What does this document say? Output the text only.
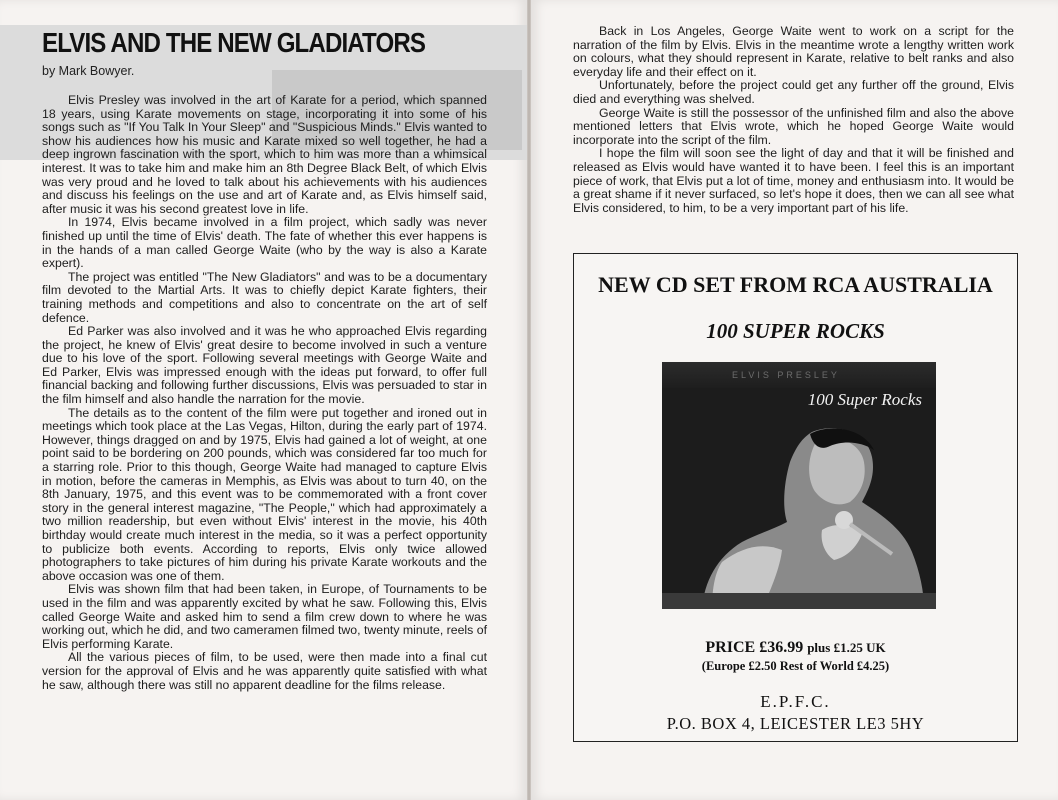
ELVIS AND THE NEW GLADIATORS
by Mark Bowyer.

Elvis Presley was involved in the art of Karate for a period, which spanned 18 years, using Karate movements on stage, incorporating it into some of his songs such as "If You Talk In Your Sleep" and "Suspicious Minds." Elvis wanted to show his audiences how his music and Karate mixed so well together, he had a deep ingrown fascination with the sport, which to him was more than a whimsical interest. It was to take him and make him an 8th Degree Black Belt, of which Elvis was very proud and he loved to talk about his achievements with his audiences and discuss his feelings on the use and art of Karate and, as Elvis himself said, after music it was his second greatest love in life.

In 1974, Elvis became involved in a film project, which sadly was never finished up until the time of Elvis' death. The fate of whether this ever happens is in the hands of a man called George Waite (who by the way is also a Karate expert).

The project was entitled "The New Gladiators" and was to be a documentary film devoted to the Martial Arts. It was to chiefly depict Karate fighters, their training methods and competitions and also to concentrate on the art of self defence.

Ed Parker was also involved and it was he who approached Elvis regarding the project, he knew of Elvis' great desire to become involved in such a venture due to his love of the sport. Following several meetings with George Waite and Ed Parker, Elvis was impressed enough with the ideas put forward, to offer full financial backing and following further discussions, Elvis was persuaded to star in the film himself and also handle the narration for the movie.

The details as to the content of the film were put together and ironed out in meetings which took place at the Las Vegas, Hilton, during the early part of 1974. However, things dragged on and by 1975, Elvis had gained a lot of weight, at one point said to be bordering on 200 pounds, which was considered far too much for a starring role. Prior to this though, George Waite had managed to capture Elvis in motion, before the cameras in Memphis, as Elvis was about to turn 40, on the 8th January, 1975, and this event was to be commemorated with a front cover story in the general interest magazine, "The People," which had approximately a two million readership, but even without Elvis' interest in the movie, his 40th birthday would create much interest in the media, so it was a perfect opportunity to publicize both events. According to reports, Elvis only twice allowed photographers to take pictures of him during his private Karate workouts and the above occasion was one of them.

Elvis was shown film that had been taken, in Europe, of Tournaments to be used in the film and was apparently excited by what he saw. Following this, Elvis called George Waite and asked him to send a film crew down to where he was working out, which he did, and two cameramen filmed two, twenty minute, reels of Elvis performing Karate.

All the various pieces of film, to be used, were then made into a final cut version for the approval of Elvis and he was apparently quite satisfied with what he saw, although there was still no apparent deadline for the films release.

Back in Los Angeles, George Waite went to work on a script for the narration of the film by Elvis. Elvis in the meantime wrote a lengthy written work on colours, what they should represent in Karate, relative to belt ranks and also everyday life and their effect on it.

Unfortunately, before the project could get any further off the ground, Elvis died and everything was shelved.

George Waite is still the possessor of the unfinished film and also the above mentioned letters that Elvis wrote, which he hoped George Waite would incorporate into the script of the film.

I hope the film will soon see the light of day and that it will be finished and released as Elvis would have wanted it to have been. I feel this is an important piece of work, that Elvis put a lot of time, money and enthusiasm into. It would be a great shame if it never surfaced, so let's hope it does, then we can all see what Elvis considered, to him, to be a very important part of his life.

NEW CD SET FROM RCA AUSTRALIA
100 SUPER ROCKS
ELVIS PRESLEY
100 Super Rocks
PRICE £36.99 plus £1.25 UK
(Europe £2.50 Rest of World £4.25)
E.P.F.C.
P.O. BOX 4, LEICESTER LE3 5HY
